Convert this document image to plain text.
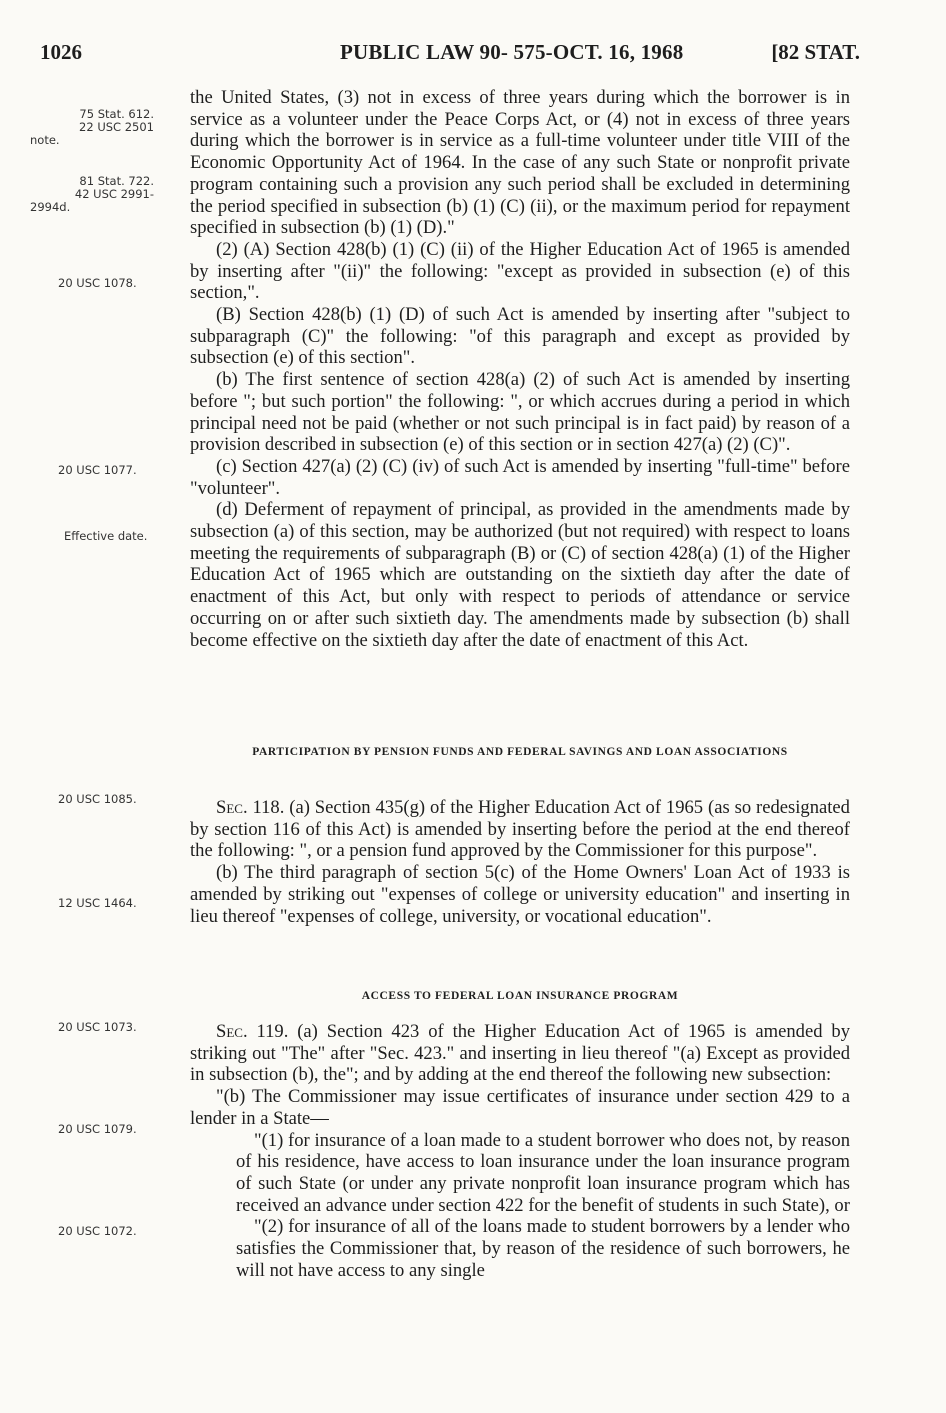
1026	PUBLIC LAW 90- 575-OCT. 16, 1968	[82 STAT.
75 Stat. 612.
22 USC 2501
note.
81 Stat. 722.
42 USC 2991-
2994d.
20 USC 1078.
20 USC 1077.
Effective date.
20 USC 1085.
12 USC 1464.
20 USC 1073.
20 USC 1079.
20 USC 1072.
the United States, (3) not in excess of three years during which the borrower is in service as a volunteer under the Peace Corps Act, or (4) not in excess of three years during which the borrower is in service as a full-time volunteer under title VIII of the Economic Opportunity Act of 1964. In the case of any such State or nonprofit private program containing such a provision any such period shall be excluded in determining the period specified in subsection (b) (1) (C) (ii), or the maximum period for repayment specified in subsection (b) (1) (D)."
(2) (A) Section 428(b) (1) (C) (ii) of the Higher Education Act of 1965 is amended by inserting after "(ii)" the following: "except as provided in subsection (e) of this section,".
(B) Section 428(b) (1) (D) of such Act is amended by inserting after "subject to subparagraph (C)" the following: "of this paragraph and except as provided by subsection (e) of this section".
(b) The first sentence of section 428(a) (2) of such Act is amended by inserting before "; but such portion" the following: ", or which accrues during a period in which principal need not be paid (whether or not such principal is in fact paid) by reason of a provision described in subsection (e) of this section or in section 427(a) (2) (C)".
(c) Section 427(a) (2) (C) (iv) of such Act is amended by inserting "full-time" before "volunteer".
(d) Deferment of repayment of principal, as provided in the amendments made by subsection (a) of this section, may be authorized (but not required) with respect to loans meeting the requirements of subparagraph (B) or (C) of section 428(a) (1) of the Higher Education Act of 1965 which are outstanding on the sixtieth day after the date of enactment of this Act, but only with respect to periods of attendance or service occurring on or after such sixtieth day. The amendments made by subsection (b) shall become effective on the sixtieth day after the date of enactment of this Act.
PARTICIPATION BY PENSION FUNDS AND FEDERAL SAVINGS AND LOAN ASSOCIATIONS
Sec. 118. (a) Section 435(g) of the Higher Education Act of 1965 (as so redesignated by section 116 of this Act) is amended by inserting before the period at the end thereof the following: ", or a pension fund approved by the Commissioner for this purpose".
(b) The third paragraph of section 5(c) of the Home Owners' Loan Act of 1933 is amended by striking out "expenses of college or university education" and inserting in lieu thereof "expenses of college, university, or vocational education".
ACCESS TO FEDERAL LOAN INSURANCE PROGRAM
Sec. 119. (a) Section 423 of the Higher Education Act of 1965 is amended by striking out "The" after "Sec. 423." and inserting in lieu thereof "(a) Except as provided in subsection (b), the"; and by adding at the end thereof the following new subsection:
"(b) The Commissioner may issue certificates of insurance under section 429 to a lender in a State—
"(1) for insurance of a loan made to a student borrower who does not, by reason of his residence, have access to loan insurance under the loan insurance program of such State (or under any private nonprofit loan insurance program which has received an advance under section 422 for the benefit of students in such State), or
"(2) for insurance of all of the loans made to student borrowers by a lender who satisfies the Commissioner that, by reason of the residence of such borrowers, he will not have access to any single
